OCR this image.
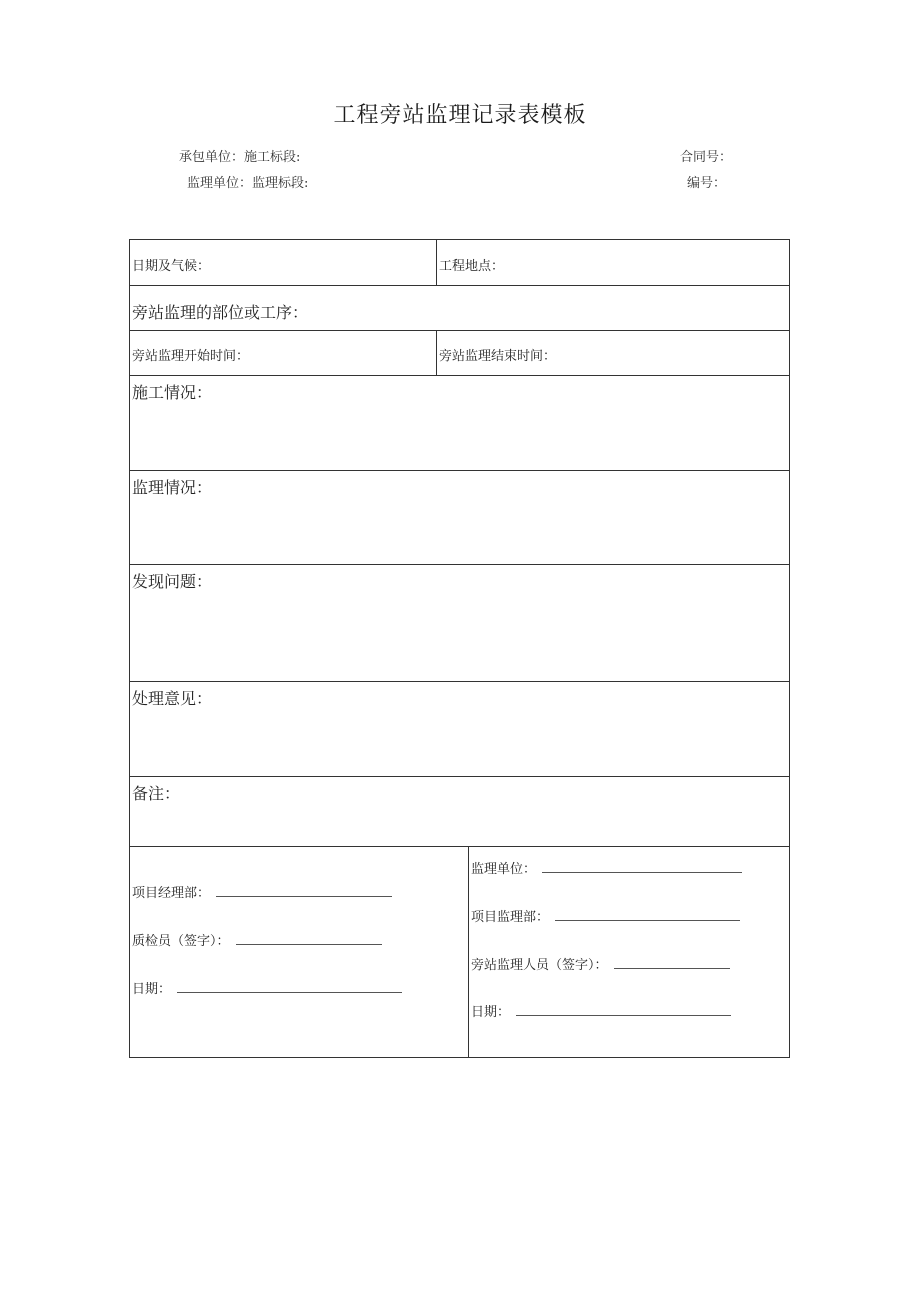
工程旁站监理记录表模板
承包单位：施工标段:	合同号：
监理单位：监理标段:	编号：
日期及气候：	工程地点：
旁站监理的部位或工序：
旁站监理开始时间：	旁站监理结束时间：
施工情况：
监理情况：
发现问题：
处理意见：
备注：
项目经理部：
质检员（签字）：
日期：
监理单位：
项目监理部：
旁站监理人员（签字）：
日期：
